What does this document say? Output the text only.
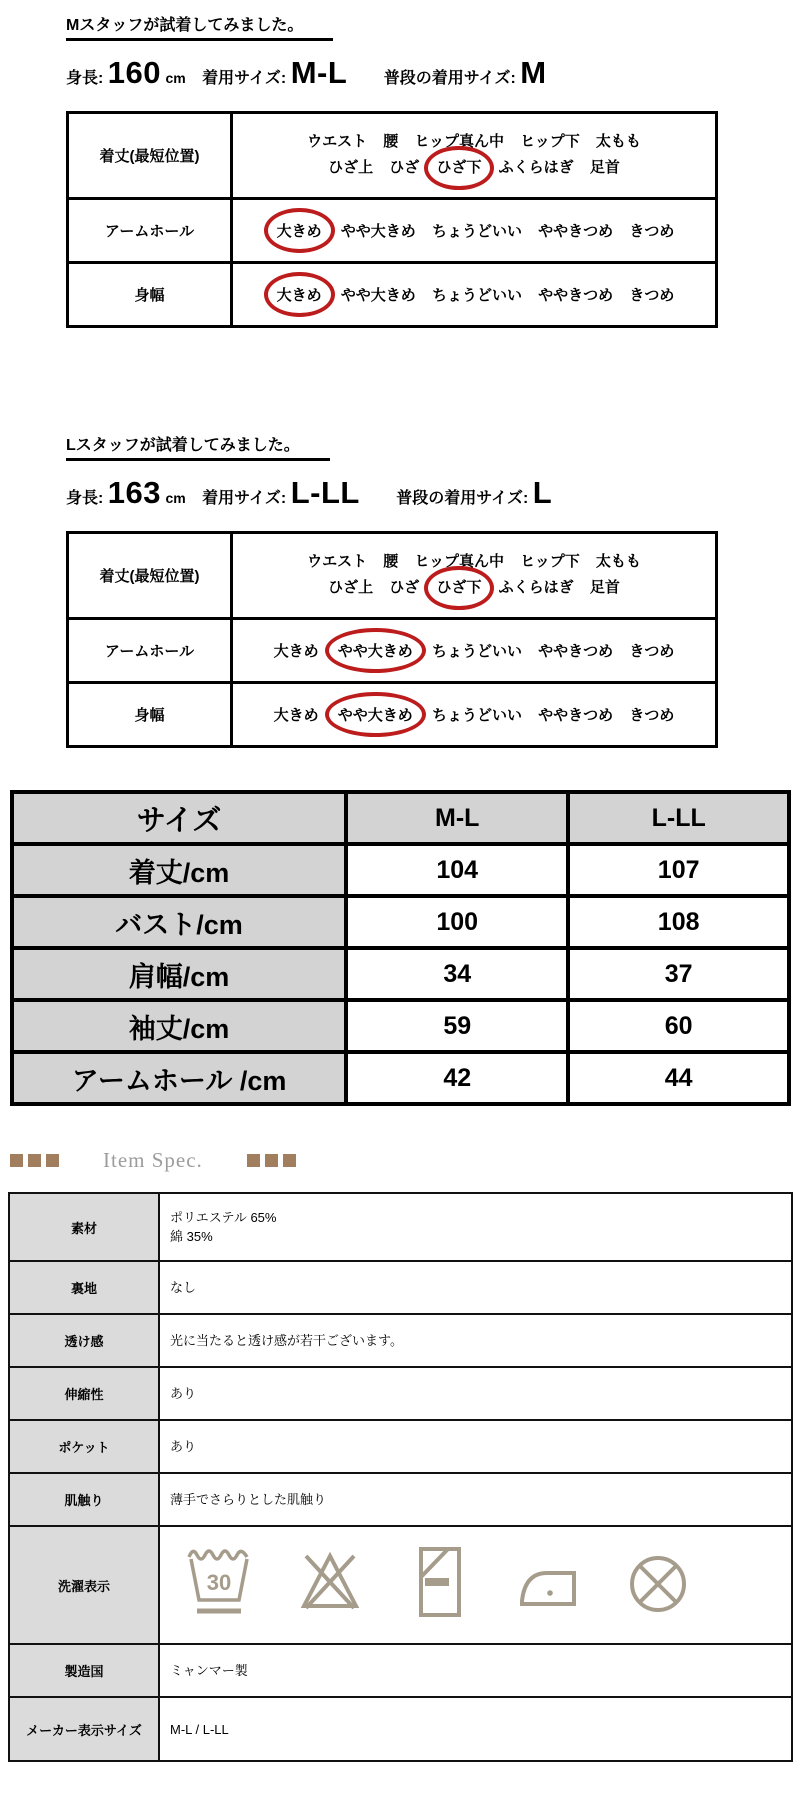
Mスタッフが試着してみました。
身長: 160 cm 着用サイズ: M-L 普段の着用サイズ: M
着丈(最短位置)	ウエスト 腰 ヒップ真ん中 ヒップ下 太もも
ひざ上 ひざ ひざ下 ふくらはぎ 足首

アームホール	大きめ やや大きめ ちょうどいい ややきつめ きつめ
身幅	大きめ やや大きめ ちょうどいい ややきつめ きつめ
Lスタッフが試着してみました。
身長: 163 cm 着用サイズ: L-LL 普段の着用サイズ: L
着丈(最短位置)	ウエスト 腰 ヒップ真ん中 ヒップ下 太もも
ひざ上 ひざ ひざ下 ふくらはぎ 足首

アームホール	大きめ やや大きめ ちょうどいい ややきつめ きつめ
身幅	大きめ やや大きめ ちょうどいい ややきつめ きつめ
サイズ	M-L	L-LL
着丈/cm	104	107
バスト/cm	100	108
肩幅/cm	34	37
袖丈/cm	59	60
アームホール /cm	42	44
Item Spec.
素材	ポリエステル 65%
綿 35%

裏地	なし
透け感	光に当たると透け感が若干ございます。
伸縮性	あり
ポケット	あり
肌触り	薄手でさらりとした肌触り
洗濯表示	30

製造国	ミャンマー製
メーカー表示サイズ	M-L / L-LL
